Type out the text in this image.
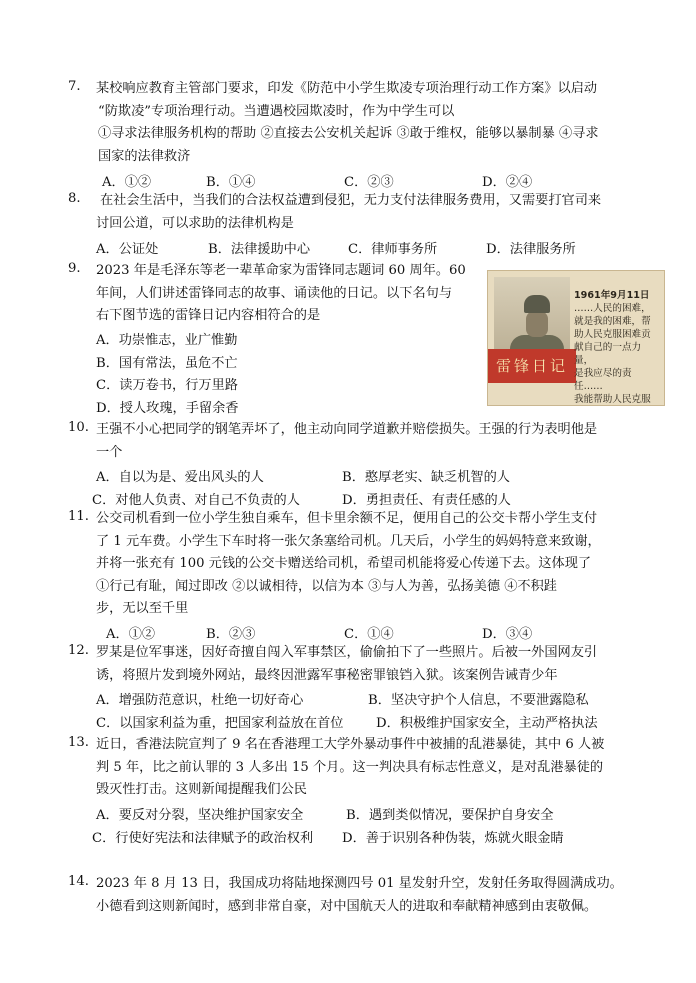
7. 某校响应教育主管部门要求，印发《防范中小学生欺凌专项治理行动工作方案》以启动
“防欺凌”专项治理行动。当遭遇校园欺凌时，作为中学生可以
①寻求法律服务机构的帮助 ②直接去公安机关起诉 ③敢于维权，能够以暴制暴 ④寻求
国家的法律救济
A．①②	B．①④	C．②③	D．②④
8.	在社会生活中，当我们的合法权益遭到侵犯，无力支付法律服务费用，又需要打官司来
讨回公道，可以求助的法律机构是
A．公证处	B．法律援助中心	C．律师事务所	D．法律服务所
9. 2023 年是毛泽东等老一辈革命家为雷锋同志题词 60 周年。60
年间，人们讲述雷锋同志的故事、诵读他的日记。以下名句与
右下图节选的雷锋日记内容相符合的是
A．功崇惟志，业广惟勤
B．国有常法，虽危不亡
C．读万卷书，行万里路
D．授人玫瑰，手留余香
雷锋日记
1961年9月11日
……人民的困难，
就是我的困难，帮
助人民克服困难贡
献自己的一点力量，
是我应尽的责任……
我能帮助人民克服
10. 王强不小心把同学的钢笔弄坏了，他主动向同学道歉并赔偿损失。王强的行为表明他是
一个
A．自以为是、爱出风头的人	B．憨厚老实、缺乏机智的人
C．对他人负责、对自己不负责的人	D．勇担责任、有责任感的人
11. 公交司机看到一位小学生独自乘车，但卡里余额不足，便用自己的公交卡帮小学生支付
了 1 元车费。小学生下车时将一张欠条塞给司机。几天后，小学生的妈妈特意来致谢，
并将一张充有 100 元钱的公交卡赠送给司机，希望司机能将爱心传递下去。这体现了
①行己有耻，闻过即改 ②以诚相待，以信为本 ③与人为善，弘扬美德 ④不积跬
步，无以至千里
A．①②	B．②③	C．①④	D．③④
12. 罗某是位军事迷，因好奇擅自闯入军事禁区，偷偷拍下了一些照片。后被一外国网友引
诱，将照片发到境外网站，最终因泄露军事秘密罪锒铛入狱。该案例告诫青少年
A．增强防范意识，杜绝一切好奇心	B．坚决守护个人信息，不要泄露隐私
C．以国家利益为重，把国家利益放在首位 D．积极维护国家安全，主动严格执法
13. 近日，香港法院宣判了 9 名在香港理工大学外暴动事件中被捕的乱港暴徒，其中 6 人被
判 5 年，比之前认罪的 3 人多出 15 个月。这一判决具有标志性意义，是对乱港暴徒的
毁灭性打击。这则新闻提醒我们公民
A．要反对分裂，坚决维护国家安全	B．遇到类似情况，要保护自身安全
C．行使好宪法和法律赋予的政治权利 D．善于识别各种伪装，炼就火眼金睛
14. 2023 年 8 月 13 日，我国成功将陆地探测四号 01 星发射升空，发射任务取得圆满成功。
小德看到这则新闻时，感到非常自豪，对中国航天人的进取和奉献精神感到由衷敬佩。
